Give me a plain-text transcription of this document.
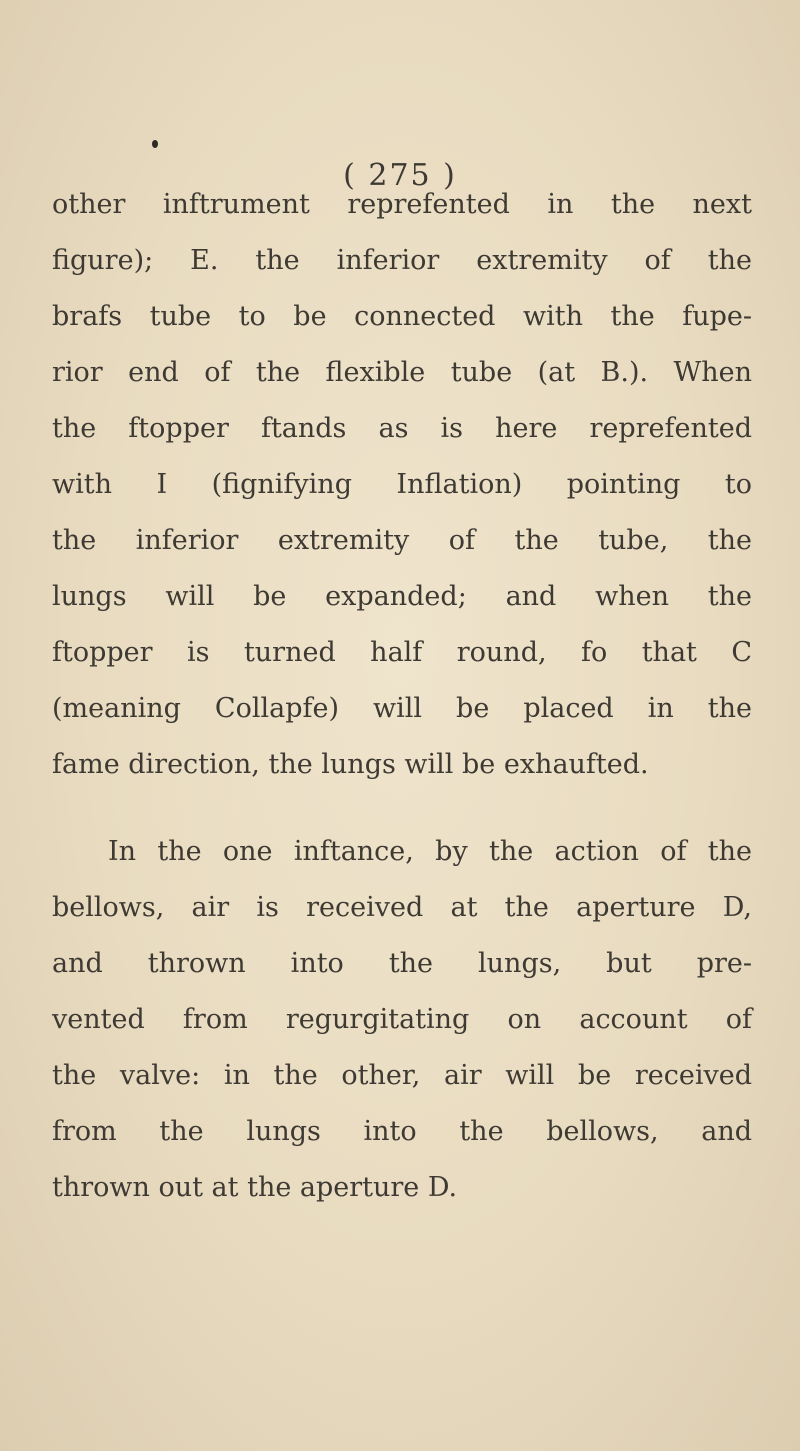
( 275 )
other inftrument reprefented in the next
figure); E. the inferior extremity of the
brafs tube to be connected with the fupe-
rior end of the flexible tube (at B.). When
the ftopper ftands as is here reprefented
with I (fignifying Inflation) pointing to
the inferior extremity of the tube, the
lungs will be expanded; and when the
ftopper is turned half round, fo that C
(meaning Collapfe) will be placed in the
fame direction, the lungs will be exhaufted.
In the one inftance, by the action of the
bellows, air is received at the aperture D,
and thrown into the lungs, but pre-
vented from regurgitating on account of
the valve: in the other, air will be received
from the lungs into the bellows, and
thrown out at the aperture D.
